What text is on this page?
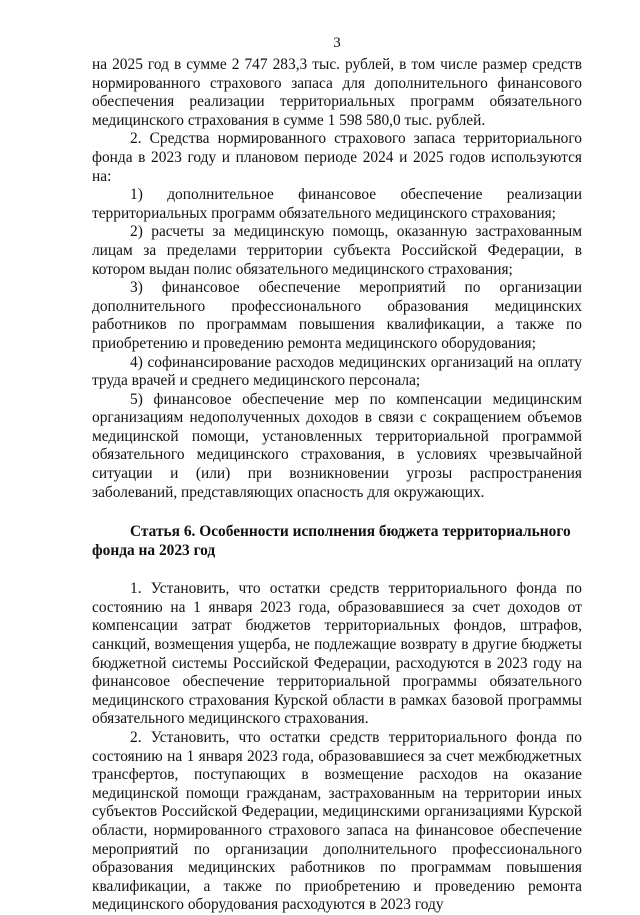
3

на 2025 год в сумме 2 747 283,3 тыс. рублей, в том числе размер средств нормированного страхового запаса для дополнительного финансового обеспечения реализации территориальных программ обязательного медицинского страхования в сумме 1 598 580,0 тыс. рублей.

2. Средства нормированного страхового запаса территориального фонда в 2023 году и плановом периоде 2024 и 2025 годов используются на:

1) дополнительное финансовое обеспечение реализации территориальных программ обязательного медицинского страхования;

2) расчеты за медицинскую помощь, оказанную застрахованным лицам за пределами территории субъекта Российской Федерации, в котором выдан полис обязательного медицинского страхования;

3) финансовое обеспечение мероприятий по организации дополнительного профессионального образования медицинских работников по программам повышения квалификации, а также по приобретению и проведению ремонта медицинского оборудования;

4) софинансирование расходов медицинских организаций на оплату труда врачей и среднего медицинского персонала;

5) финансовое обеспечение мер по компенсации медицинским организациям недополученных доходов в связи с сокращением объемов медицинской помощи, установленных территориальной программой обязательного медицинского страхования, в условиях чрезвычайной ситуации и (или) при возникновении угрозы распространения заболеваний, представляющих опасность для окружающих.

Статья 6. Особенности исполнения бюджета территориального фонда на 2023 год

1. Установить, что остатки средств территориального фонда по состоянию на 1 января 2023 года, образовавшиеся за счет доходов от компенсации затрат бюджетов территориальных фондов, штрафов, санкций, возмещения ущерба, не подлежащие возврату в другие бюджеты бюджетной системы Российской Федерации, расходуются в 2023 году на финансовое обеспечение территориальной программы обязательного медицинского страхования Курской области в рамках базовой программы обязательного медицинского страхования.

2. Установить, что остатки средств территориального фонда по состоянию на 1 января 2023 года, образовавшиеся за счет межбюджетных трансфертов, поступающих в возмещение расходов на оказание медицинской помощи гражданам, застрахованным на территории иных субъектов Российской Федерации, медицинскими организациями Курской области, нормированного страхового запаса на финансовое обеспечение мероприятий по организации дополнительного профессионального образования медицинских работников по программам повышения квалификации, а также по приобретению и проведению ремонта медицинского оборудования расходуются в 2023 году
